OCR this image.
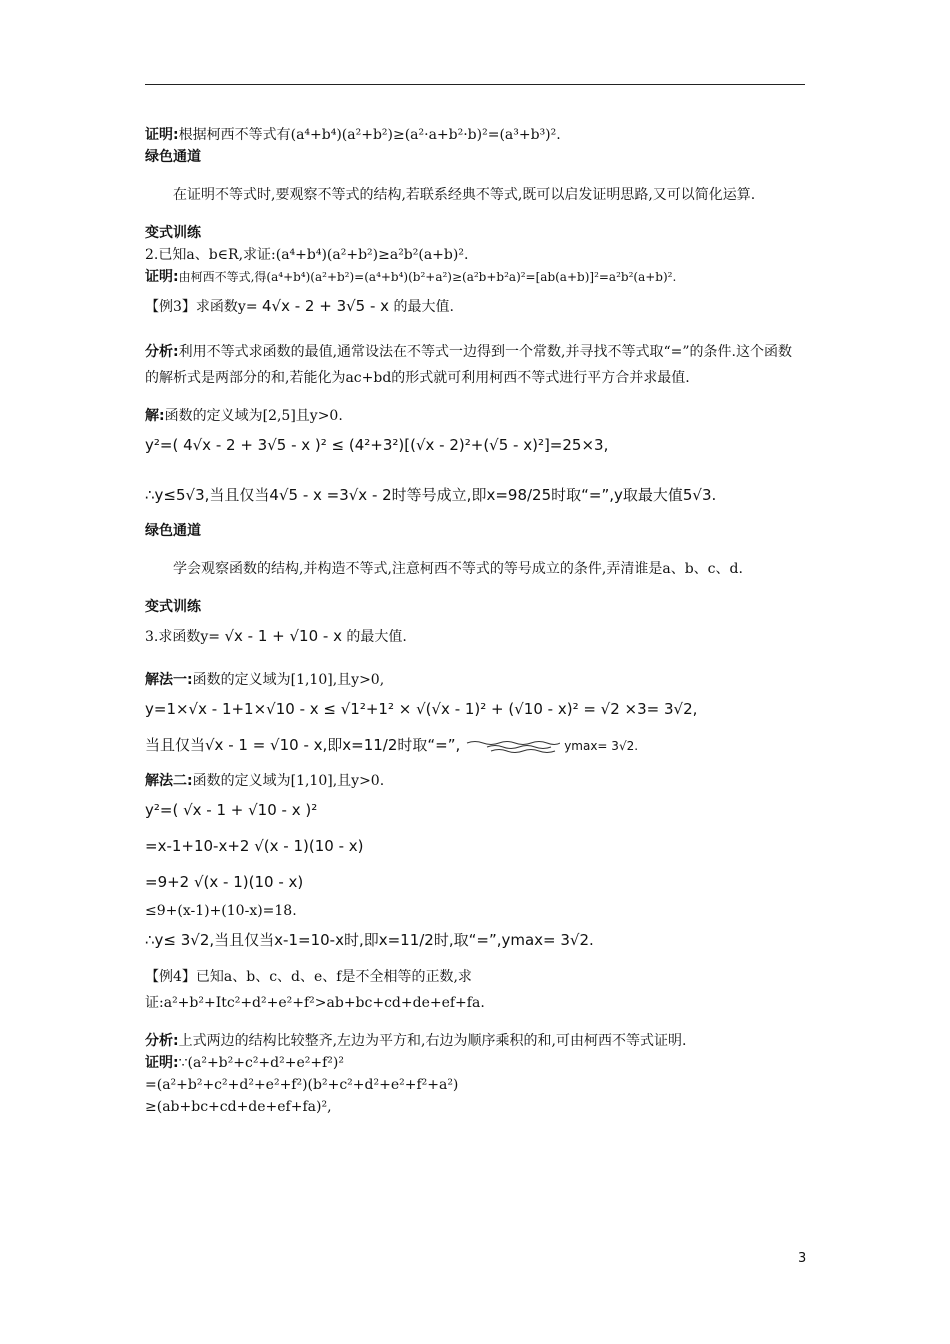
证明:根据柯西不等式有(a⁴+b⁴)(a²+b²)≥(a²·a+b²·b)²=(a³+b³)².

绿色通道

在证明不等式时,要观察不等式的结构,若联系经典不等式,既可以启发证明思路,又可以简化运算.

变式训练

2.已知a、b∈R,求证:(a⁴+b⁴)(a²+b²)≥a²b²(a+b)².

证明:由柯西不等式,得(a⁴+b⁴)(a²+b²)=(a⁴+b⁴)(b²+a²)≥(a²b+b²a)²=[ab(a+b)]²=a²b²(a+b)².

【例3】求函数y= 4√x - 2 + 3√5 - x 的最大值.

分析:利用不等式求函数的最值,通常设法在不等式一边得到一个常数,并寻找不等式取“=”的条件.这个函数的解析式是两部分的和,若能化为ac+bd的形式就可利用柯西不等式进行平方合并求最值.

解:函数的定义域为[2,5]且y>0.

y²=( 4√x - 2 + 3√5 - x )² ≤ (4²+3²)[(√x - 2)²+(√5 - x)²]=25×3,

∴y≤5√3,当且仅当4√5 - x =3√x - 2时等号成立,即x=98/25时取“=”,y取最大值5√3.

绿色通道

学会观察函数的结构,并构造不等式,注意柯西不等式的等号成立的条件,弄清谁是a、b、c、d.

变式训练

3.求函数y= √x - 1 + √10 - x 的最大值.

解法一:函数的定义域为[1,10],且y>0,

y=1×√x - 1+1×√10 - x ≤ √1²+1² × √(√x - 1)² + (√10 - x)² = √2 ×3= 3√2,

当且仅当√x - 1 = √10 - x,即x=11/2时取“=”,	ymax= 3√2.

解法二:函数的定义域为[1,10],且y>0.

y²=( √x - 1 + √10 - x )²

=x-1+10-x+2 √(x - 1)(10 - x)

=9+2 √(x - 1)(10 - x)

≤9+(x-1)+(10-x)=18.

∴y≤ 3√2,当且仅当x-1=10-x时,即x=11/2时,取“=”,ymax= 3√2.

【例4】已知a、b、c、d、e、f是不全相等的正数,求证:a²+b²+Itc²+d²+e²+f²>ab+bc+cd+de+ef+fa.

分析:上式两边的结构比较整齐,左边为平方和,右边为顺序乘积的和,可由柯西不等式证明.

证明:∵(a²+b²+c²+d²+e²+f²)²

=(a²+b²+c²+d²+e²+f²)(b²+c²+d²+e²+f²+a²)

≥(ab+bc+cd+de+ef+fa)²,

3
